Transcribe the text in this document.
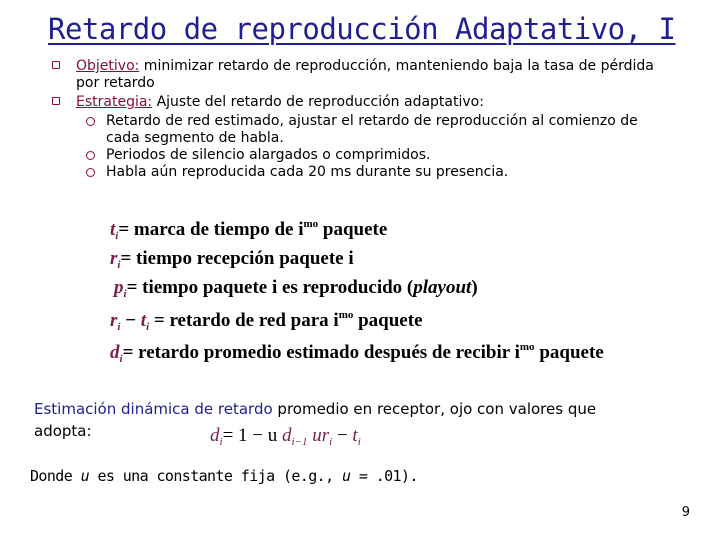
Retardo de reproducción Adaptativo, I
Objetivo: minimizar retardo de reproducción, manteniendo baja la tasa de pérdida por retardo
Estrategia: Ajuste del retardo de reproducción adaptativo:
Retardo de red estimado, ajustar el retardo de reproducción al comienzo de cada segmento de habla.
Periodos de silencio alargados o comprimidos.
Habla aún reproducida cada 20 ms durante su presencia.
$t_i=$ marca de tiempo de $i^{mo}$ paquete
$r_i=$ tiempo recepción paquete i
$p_i=$ tiempo paquete i es reproducido (playout)
$r_i - t_i$ = retardo de red para $i^{mo}$ paquete
$d_i=$ retardo promedio estimado después de recibir $i^{mo}$ paquete
Estimación dinámica de retardo promedio en receptor, ojo con valores que adopta:	$d_i= 1 - u$ $d_{i-1}$ $ur_i - t_i$
Donde u es una constante fija (e.g., u = .01).
9
